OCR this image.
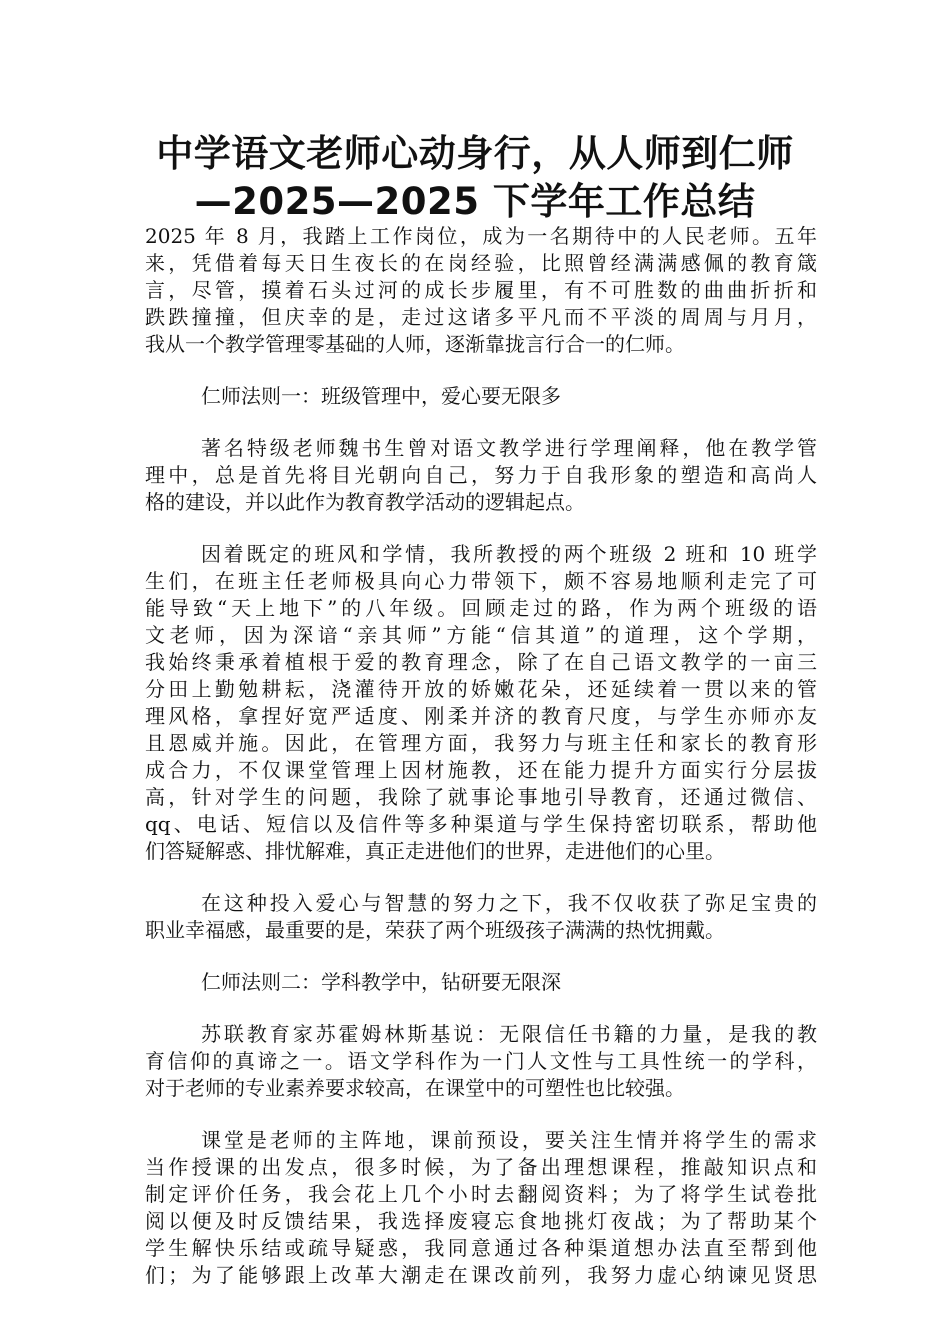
中学语文老师心动身行，从人师到仁师
—2025—2025 下学年工作总结
2025 年 8 月，我踏上工作岗位，成为一名期待中的人民老师。五年
来，凭借着每天日生夜长的在岗经验，比照曾经满满感佩的教育箴
言，尽管，摸着石头过河的成长步履里，有不可胜数的曲曲折折和
跌跌撞撞，但庆幸的是，走过这诸多平凡而不平淡的周周与月月，
我从一个教学管理零基础的人师，逐渐靠拢言行合一的仁师。
仁师法则一：班级管理中，爱心要无限多
著名特级老师魏书生曾对语文教学进行学理阐释，他在教学管
理中，总是首先将目光朝向自己，努力于自我形象的塑造和高尚人
格的建设，并以此作为教育教学活动的逻辑起点。
因着既定的班风和学情，我所教授的两个班级 2 班和 10 班学
生们，在班主任老师极具向心力带领下，颇不容易地顺利走完了可
能导致“天上地下”的八年级。回顾走过的路，作为两个班级的语
文老师，因为深谙“亲其师”方能“信其道”的道理，这个学期，
我始终秉承着植根于爱的教育理念，除了在自己语文教学的一亩三
分田上勤勉耕耘，浇灌待开放的娇嫩花朵，还延续着一贯以来的管
理风格，拿捏好宽严适度、刚柔并济的教育尺度，与学生亦师亦友
且恩威并施。因此，在管理方面，我努力与班主任和家长的教育形
成合力，不仅课堂管理上因材施教，还在能力提升方面实行分层拔
高，针对学生的问题，我除了就事论事地引导教育，还通过微信、
qq、电话、短信以及信件等多种渠道与学生保持密切联系，帮助他
们答疑解惑、排忧解难，真正走进他们的世界，走进他们的心里。
在这种投入爱心与智慧的努力之下，我不仅收获了弥足宝贵的
职业幸福感，最重要的是，荣获了两个班级孩子满满的热忱拥戴。
仁师法则二：学科教学中，钻研要无限深
苏联教育家苏霍姆林斯基说：无限信任书籍的力量，是我的教
育信仰的真谛之一。语文学科作为一门人文性与工具性统一的学科，
对于老师的专业素养要求较高，在课堂中的可塑性也比较强。
课堂是老师的主阵地，课前预设，要关注生情并将学生的需求
当作授课的出发点，很多时候，为了备出理想课程，推敲知识点和
制定评价任务，我会花上几个小时去翻阅资料；为了将学生试卷批
阅以便及时反馈结果，我选择废寝忘食地挑灯夜战；为了帮助某个
学生解快乐结或疏导疑惑，我同意通过各种渠道想办法直至帮到他
们；为了能够跟上改革大潮走在课改前列，我努力虚心纳谏见贤思
